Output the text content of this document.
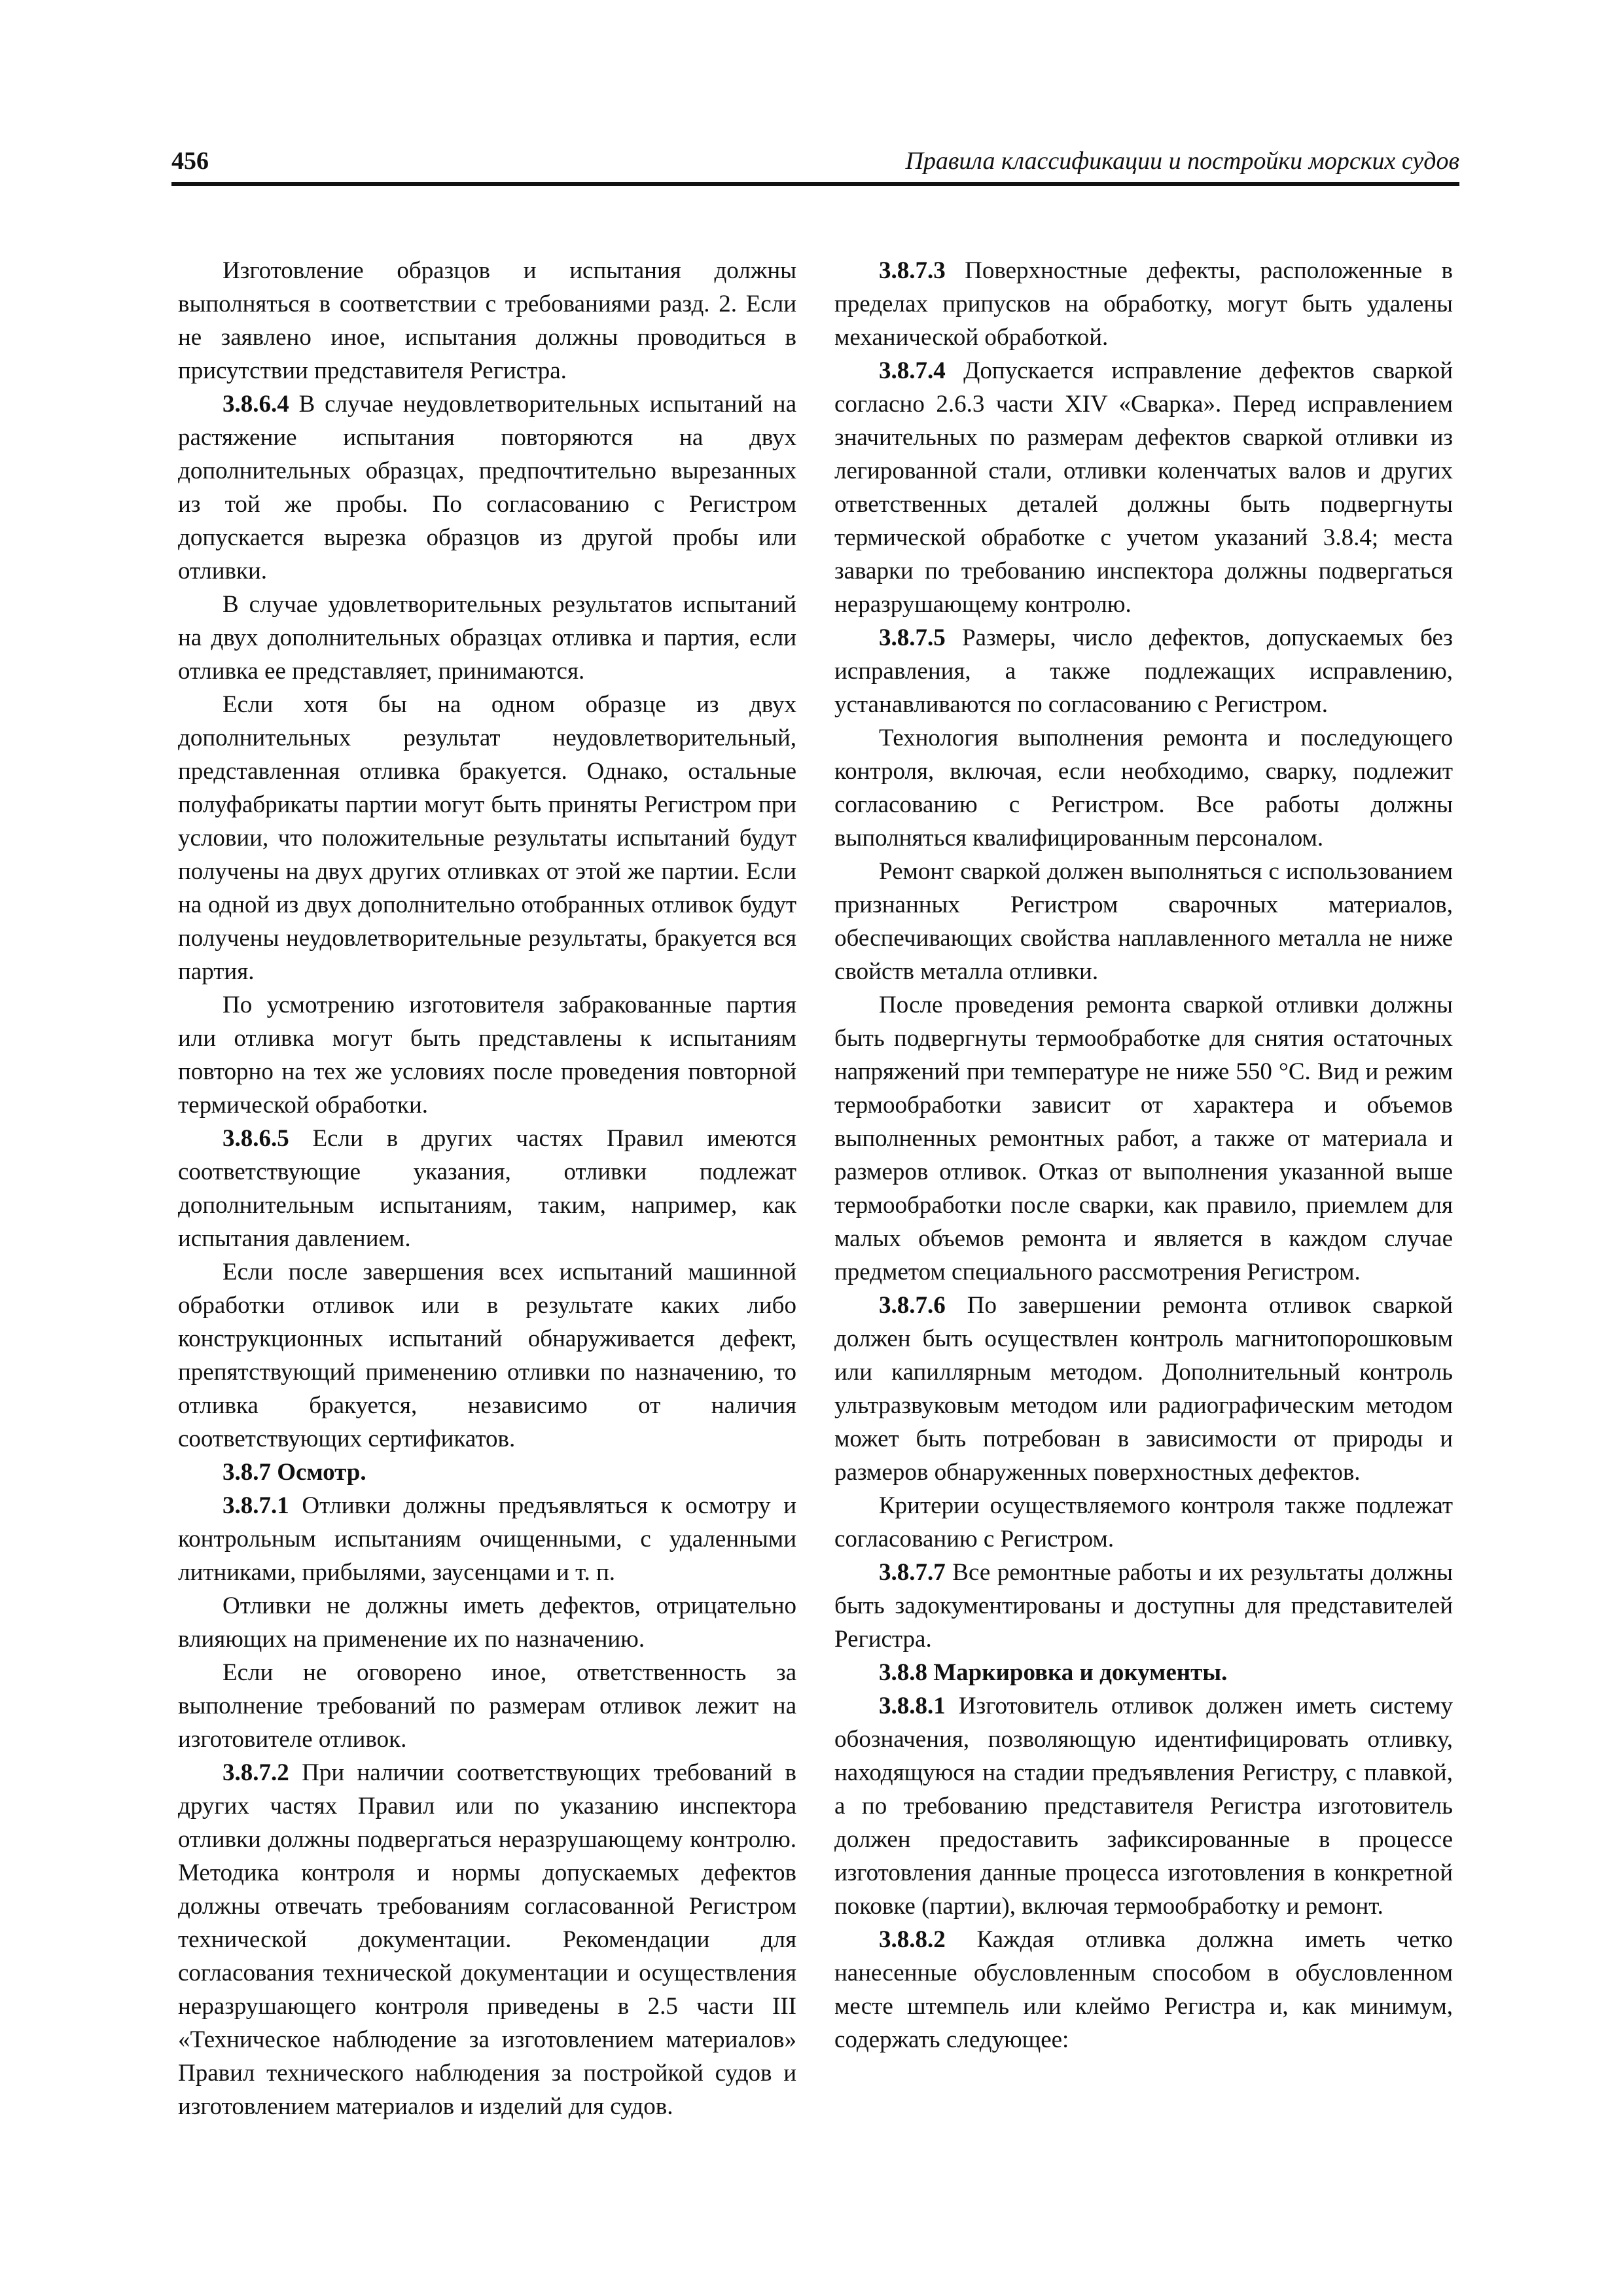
456	Правила классификации и постройки морских судов

Изготовление образцов и испытания должны выполняться в соответствии с требованиями разд. 2. Если не заявлено иное, испытания должны проводиться в присутствии представителя Регистра.

3.8.6.4 В случае неудовлетворительных испытаний на растяжение испытания повторяются на двух дополнительных образцах, предпочтительно вырезанных из той же пробы. По согласованию с Регистром допускается вырезка образцов из другой пробы или отливки.

В случае удовлетворительных результатов испытаний на двух дополнительных образцах отливка и партия, если отливка ее представляет, принимаются.

Если хотя бы на одном образце из двух дополнительных результат неудовлетворительный, представленная отливка бракуется. Однако, остальные полуфабрикаты партии могут быть приняты Регистром при условии, что положительные результаты испытаний будут получены на двух других отливках от этой же партии. Если на одной из двух дополнительно отобранных отливок будут получены неудовлетворительные результаты, бракуется вся партия.

По усмотрению изготовителя забракованные партия или отливка могут быть представлены к испытаниям повторно на тех же условиях после проведения повторной термической обработки.

3.8.6.5 Если в других частях Правил имеются соответствующие указания, отливки подлежат дополнительным испытаниям, таким, например, как испытания давлением.

Если после завершения всех испытаний машинной обработки отливок или в результате каких либо конструкционных испытаний обнаруживается дефект, препятствующий применению отливки по назначению, то отливка бракуется, независимо от наличия соответствующих сертификатов.

3.8.7 Осмотр.

3.8.7.1 Отливки должны предъявляться к осмотру и контрольным испытаниям очищенными, с удаленными литниками, прибылями, заусенцами и т. п.

Отливки не должны иметь дефектов, отрицательно влияющих на применение их по назначению.

Если не оговорено иное, ответственность за выполнение требований по размерам отливок лежит на изготовителе отливок.

3.8.7.2 При наличии соответствующих требований в других частях Правил или по указанию инспектора отливки должны подвергаться неразрушающему контролю. Методика контроля и нормы допускаемых дефектов должны отвечать требованиям согласованной Регистром технической документации. Рекомендации для согласования технической документации и осуществления неразрушающего контроля приведены в 2.5 части III «Техническое наблюдение за изготовлением материалов» Правил технического наблюдения за постройкой судов и изготовлением материалов и изделий для судов.

3.8.7.3 Поверхностные дефекты, расположенные в пределах припусков на обработку, могут быть удалены механической обработкой.

3.8.7.4 Допускается исправление дефектов сваркой согласно 2.6.3 части XIV «Сварка». Перед исправлением значительных по размерам дефектов сваркой отливки из легированной стали, отливки коленчатых валов и других ответственных деталей должны быть подвергнуты термической обработке с учетом указаний 3.8.4; места заварки по требованию инспектора должны подвергаться неразрушающему контролю.

3.8.7.5 Размеры, число дефектов, допускаемых без исправления, а также подлежащих исправлению, устанавливаются по согласованию с Регистром.

Технология выполнения ремонта и последующего контроля, включая, если необходимо, сварку, подлежит согласованию с Регистром. Все работы должны выполняться квалифицированным персоналом.

Ремонт сваркой должен выполняться с использованием признанных Регистром сварочных материалов, обеспечивающих свойства наплавленного металла не ниже свойств металла отливки.

После проведения ремонта сваркой отливки должны быть подвергнуты термообработке для снятия остаточных напряжений при температуре не ниже 550 °С. Вид и режим термообработки зависит от характера и объемов выполненных ремонтных работ, а также от материала и размеров отливок. Отказ от выполнения указанной выше термообработки после сварки, как правило, приемлем для малых объемов ремонта и является в каждом случае предметом специального рассмотрения Регистром.

3.8.7.6 По завершении ремонта отливок сваркой должен быть осуществлен контроль магнитопорошковым или капиллярным методом. Дополнительный контроль ультразвуковым методом или радиографическим методом может быть потребован в зависимости от природы и размеров обнаруженных поверхностных дефектов.

Критерии осуществляемого контроля также подлежат согласованию с Регистром.

3.8.7.7 Все ремонтные работы и их результаты должны быть задокументированы и доступны для представителей Регистра.

3.8.8 Маркировка и документы.

3.8.8.1 Изготовитель отливок должен иметь систему обозначения, позволяющую идентифицировать отливку, находящуюся на стадии предъявления Регистру, с плавкой, а по требованию представителя Регистра изготовитель должен предоставить зафиксированные в процессе изготовления данные процесса изготовления в конкретной поковке (партии), включая термообработку и ремонт.

3.8.8.2 Каждая отливка должна иметь четко нанесенные обусловленным способом в обусловленном месте штемпель или клеймо Регистра и, как минимум, содержать следующее:
